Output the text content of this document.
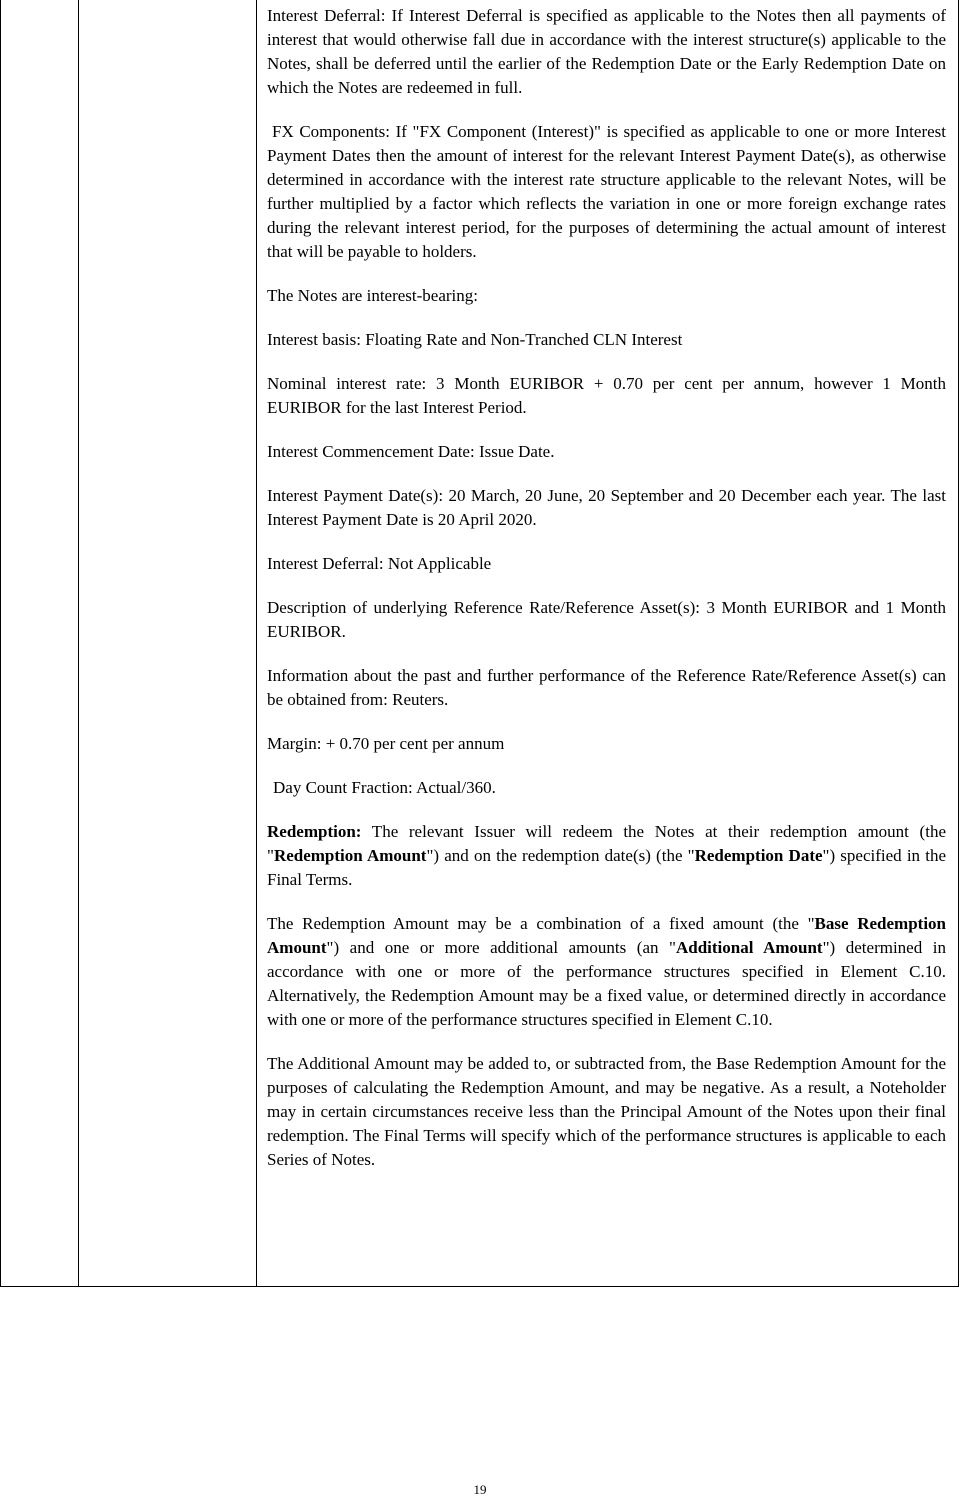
Interest Deferral: If Interest Deferral is specified as applicable to the Notes then all payments of interest that would otherwise fall due in accordance with the interest structure(s) applicable to the Notes, shall be deferred until the earlier of the Redemption Date or the Early Redemption Date on which the Notes are redeemed in full.

FX Components: If "FX Component (Interest)" is specified as applicable to one or more Interest Payment Dates then the amount of interest for the relevant Interest Payment Date(s), as otherwise determined in accordance with the interest rate structure applicable to the relevant Notes, will be further multiplied by a factor which reflects the variation in one or more foreign exchange rates during the relevant interest period, for the purposes of determining the actual amount of interest that will be payable to holders.

The Notes are interest-bearing:

Interest basis: Floating Rate and Non-Tranched CLN Interest

Nominal interest rate: 3 Month EURIBOR + 0.70 per cent per annum, however 1 Month EURIBOR for the last Interest Period.

Interest Commencement Date: Issue Date.

Interest Payment Date(s): 20 March, 20 June, 20 September and 20 December each year. The last Interest Payment Date is 20 April 2020.

Interest Deferral: Not Applicable

Description of underlying Reference Rate/Reference Asset(s): 3 Month EURIBOR and 1 Month EURIBOR.

Information about the past and further performance of the Reference Rate/Reference Asset(s) can be obtained from: Reuters.

Margin: + 0.70 per cent per annum

Day Count Fraction: Actual/360.

Redemption: The relevant Issuer will redeem the Notes at their redemption amount (the "Redemption Amount") and on the redemption date(s) (the "Redemption Date") specified in the Final Terms.

The Redemption Amount may be a combination of a fixed amount (the "Base Redemption Amount") and one or more additional amounts (an "Additional Amount") determined in accordance with one or more of the performance structures specified in Element C.10. Alternatively, the Redemption Amount may be a fixed value, or determined directly in accordance with one or more of the performance structures specified in Element C.10.

The Additional Amount may be added to, or subtracted from, the Base Redemption Amount for the purposes of calculating the Redemption Amount, and may be negative. As a result, a Noteholder may in certain circumstances receive less than the Principal Amount of the Notes upon their final redemption. The Final Terms will specify which of the performance structures is applicable to each Series of Notes.

19
